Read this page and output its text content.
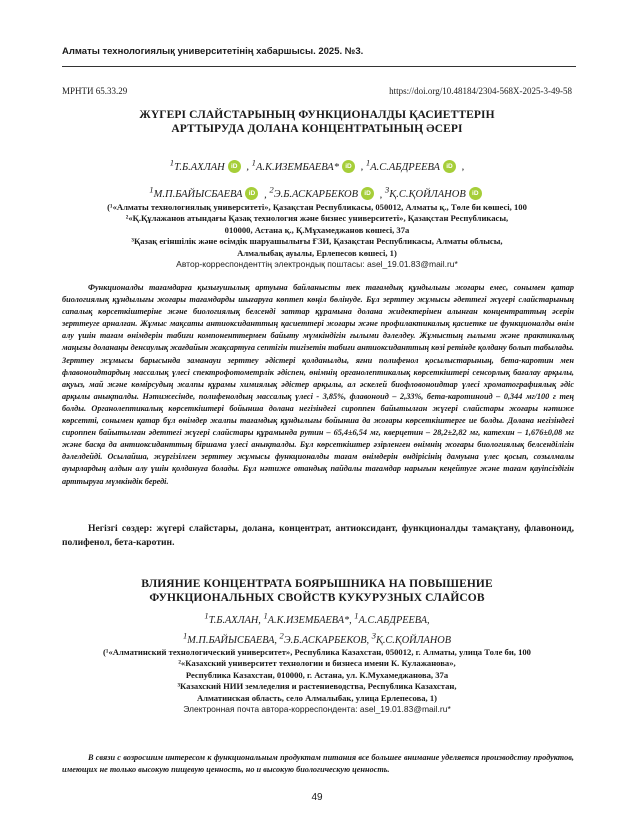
Алматы технологиялық университетінің хабаршысы. 2025. №3.
МРНТИ 65.33.29	https://doi.org/10.48184/2304-568X-2025-3-49-58
ЖҮГЕРІ СЛАЙСТАРЫНЫҢ ФУНКЦИОНАЛДЫ ҚАСИЕТТЕРІН
АРТТЫРУДА ДОЛАНА КОНЦЕНТРАТЫНЫҢ ӘСЕРІ
$^1$Т.Б.АХЛАН iD , $^1$А.К.ИЗЕМБАЕВА* iD , $^1$А.С.АБДРЕЕВА iD ,
$^1$М.П.БАЙЫСБАЕВА iD , $^2$Э.Б.АСКАРБЕКОВ iD , $^3$Қ.С.ҚОЙЛАНОВ iD
(¹«Алматы технологиялық университеті», Қазақстан Республикасы, 050012, Алматы қ., Төле би көшесі, 100
²«Қ.Құлажанов атындағы Қазақ технология және бизнес университеті», Қазақстан Республикасы,
010000, Астана қ., Қ.Мұхамеджанов көшесі, 37а
³Қазақ егіншілік және өсімдік шаруашылығы ҒЗИ, Қазақстан Республикасы, Алматы облысы,
Алмалыбақ ауылы, Ерлепесов көшесі, 1)
Автор-корреспонденттің электрондық поштасы: asel_19.01.83@mail.ru*

Функционалды тағамдарға қызығушылық артуына байланысты тек тағамдық құндылығы жоғары емес, сонымен қатар биологиялық құндылығы жоғары тағамдарды шығаруға көптеп көңіл бөлінуде. Бұл зерттеу жұмысы әдеттегі жүгері слайстарының сапалық көрсеткіштеріне және биологиялық белсенді заттар құрамына долана жидектерінен алынған концентраттың әсерін зерттеуге арналған. Жұмыс мақсаты антиоксиданттың қасиеттері жоғары және профилактикалық қасиетке ие функционалды өнім алу үшін тағам өнімдерін табиғи компоненттермен байыту мүмкіндігін ғылыми дәлелдеу. Жұмыстың ғылыми және практикалық маңызы доланаңы денсаулық жағдайын жақсартуға септігін тигізетін табиғи антиоксиданттың көзі ретінде қолдану болып табылады. Зерттеу жұмысы барысында заманауи зерттеу әдістері қолданылды, яғни полифенол қосылыстарының, бета-каротин мен флавоноидтардың массалық үлесі спектрофотометрлік әдіспен, өнімнің органолептикалық көрсеткіштері сенсорлық бағалау арқылы, ақуыз, май және көмірсудың жалпы құрамы химиялық әдістер арқылы, ал әскелей биофловоноидтар үлесі хроматографиялық әдіс арқылы анықталды. Нәтижесінде, полифенолдың массалық үлесі - 3,85%, флавоноид – 2,33%, бета-каротиноид – 0,344 мг/100 г тең болды. Органолептикалық көрсеткіштері бойынша долана негізіндегі сироппен байытылған жүгері слайстары жоғары нәтиже көрсетті, сонымен қатар бұл өнімдер жалпы тағамдық құндылығы бойынша да жоғары көрсеткіштерге ие болды. Долана негізіндегі сироппен байытылған әдеттегі жүгері слайстары құрамында рутин – 65,4±6,54 мг, кверцетин – 28,2±2,82 мг, катехин – 1,676±0,08 мг және басқа да антиоксиданттың біршама үлесі анықталды. Бұл көрсеткіштер әзірленген өнімнің жоғары биологиялық белсенділігін дәлелдейді. Осылайша, жүргізілген зерттеу жұмысы функционалды тағам өнімдерін өндірісінің дамуына үлес қосып, созылмалы ауырлардың алдын алу үшін қолдануға болады. Бұл нәтиже отандық пайдалы тағамдар нарығын кеңейтуге және тағам қауіпсіздігін арттыруға мүмкіндік береді.

Негізгі сөздер: жүгері слайстары, долана, концентрат, антиоксидант, функционалды тамақтану, флавоноид, полифенол, бета-каротин.

ВЛИЯНИЕ КОНЦЕНТРАТА БОЯРЫШНИКА НА ПОВЫШЕНИЕ
ФУНКЦИОНАЛЬНЫХ СВОЙСТВ КУКУРУЗНЫХ СЛАЙСОВ
$^1$Т.Б.АХЛАН, $^1$А.К.ИЗЕМБАЕВА*, $^1$А.С.АБДРЕЕВА,
$^1$М.П.БАЙЫСБАЕВА, $^2$Э.Б.АСКАРБЕКОВ, $^3$Қ.С.ҚОЙЛАНОВ
(¹«Алматинский технологический университет», Республика Казахстан, 050012, г. Алматы, улица Толе би, 100
²«Казахский университет технологии и бизнеса имени К. Кулажанова»,
Республика Казахстан, 010000, г. Астана, ул. К.Мухамеджанова, 37а
³Казахский НИИ земледелия и растениеводства, Республика Казахстан,
Алматинская область, село Алмалыбак, улица Ерлепесова, 1)
Электронная почта автора-корреспондента: asel_19.01.83@mail.ru*

В связи с возросшим интересом к функциональным продуктам питания все большее внимание уделяется производству продуктов, имеющих не только высокую пищевую ценность, но и высокую биологическую ценность.

49
